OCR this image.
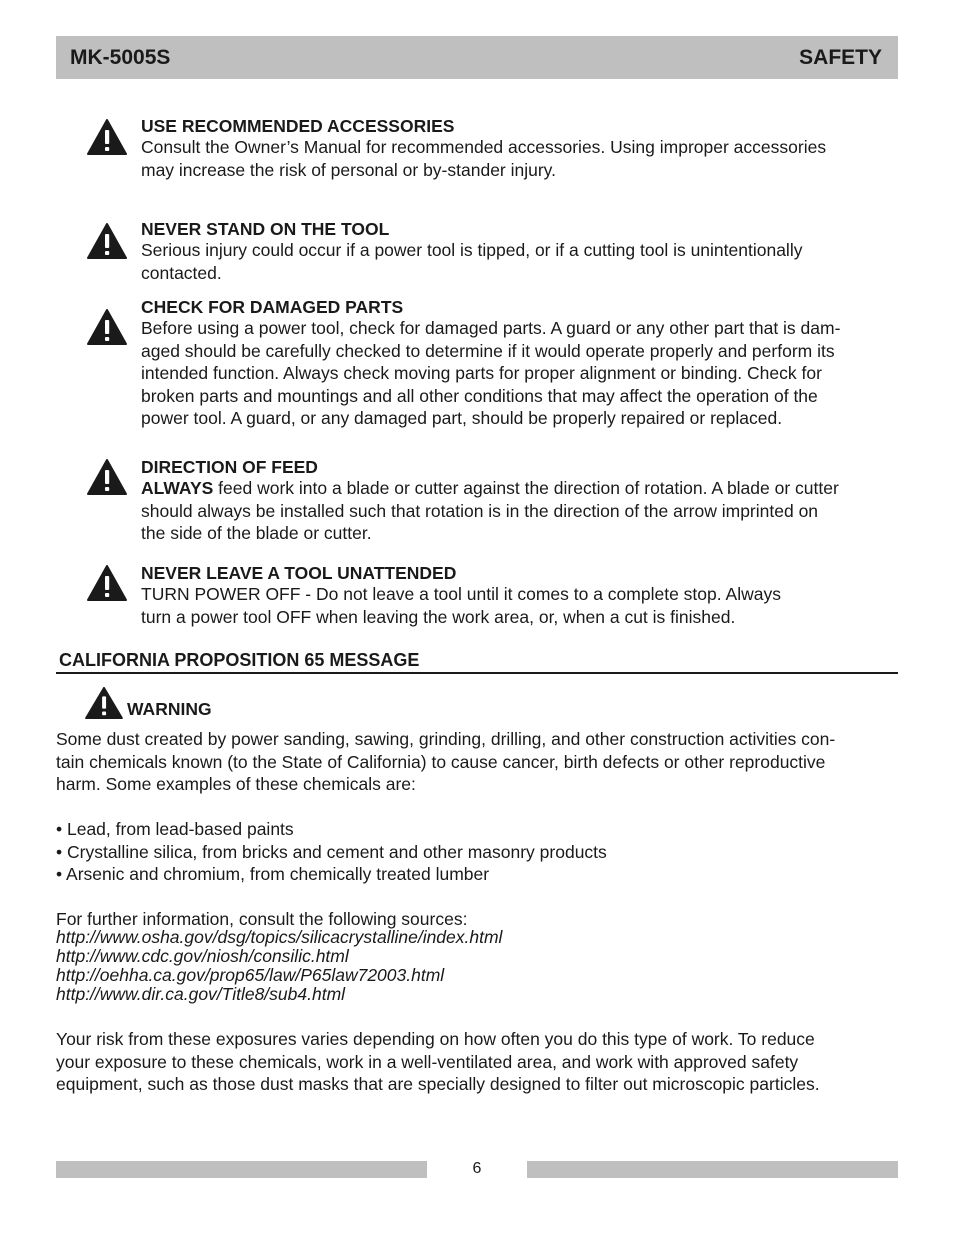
MK-5005S	SAFETY
USE RECOMMENDED ACCESSORIES
Consult the Owner’s Manual for recommended accessories. Using improper accessories
may increase the risk of personal or by-stander injury.
NEVER STAND ON THE TOOL
Serious injury could occur if a power tool is tipped, or if a cutting tool is unintentionally
contacted.
CHECK FOR DAMAGED PARTS
Before using a power tool, check for damaged parts. A guard or any other part that is dam-
aged should be carefully checked to determine if it would operate properly and perform its
intended function. Always check moving parts for proper alignment or binding. Check for
broken parts and mountings and all other conditions that may affect the operation of the
power tool. A guard, or any damaged part, should be properly repaired or replaced.
DIRECTION OF FEED
ALWAYS feed work into a blade or cutter against the direction of rotation. A blade or cutter
should always be installed such that rotation is in the direction of the arrow imprinted on
the side of the blade or cutter.
NEVER LEAVE A TOOL UNATTENDED
TURN POWER OFF - Do not leave a tool until it comes to a complete stop. Always
turn a power tool OFF when leaving the work area, or, when a cut is finished.
CALIFORNIA PROPOSITION 65 MESSAGE
WARNING
Some dust created by power sanding, sawing, grinding, drilling, and other construction activities con-
tain chemicals known (to the State of California) to cause cancer, birth defects or other reproductive
harm. Some examples of these chemicals are:
• Lead, from lead-based paints
• Crystalline silica, from bricks and cement and other masonry products
• Arsenic and chromium, from chemically treated lumber
For further information, consult the following sources:
http://www.osha.gov/dsg/topics/silicacrystalline/index.html
http://www.cdc.gov/niosh/consilic.html
http://oehha.ca.gov/prop65/law/P65law72003.html
http://www.dir.ca.gov/Title8/sub4.html
Your risk from these exposures varies depending on how often you do this type of work. To reduce
your exposure to these chemicals, work in a well-ventilated area, and work with approved safety
equipment, such as those dust masks that are specially designed to filter out microscopic particles.
6
